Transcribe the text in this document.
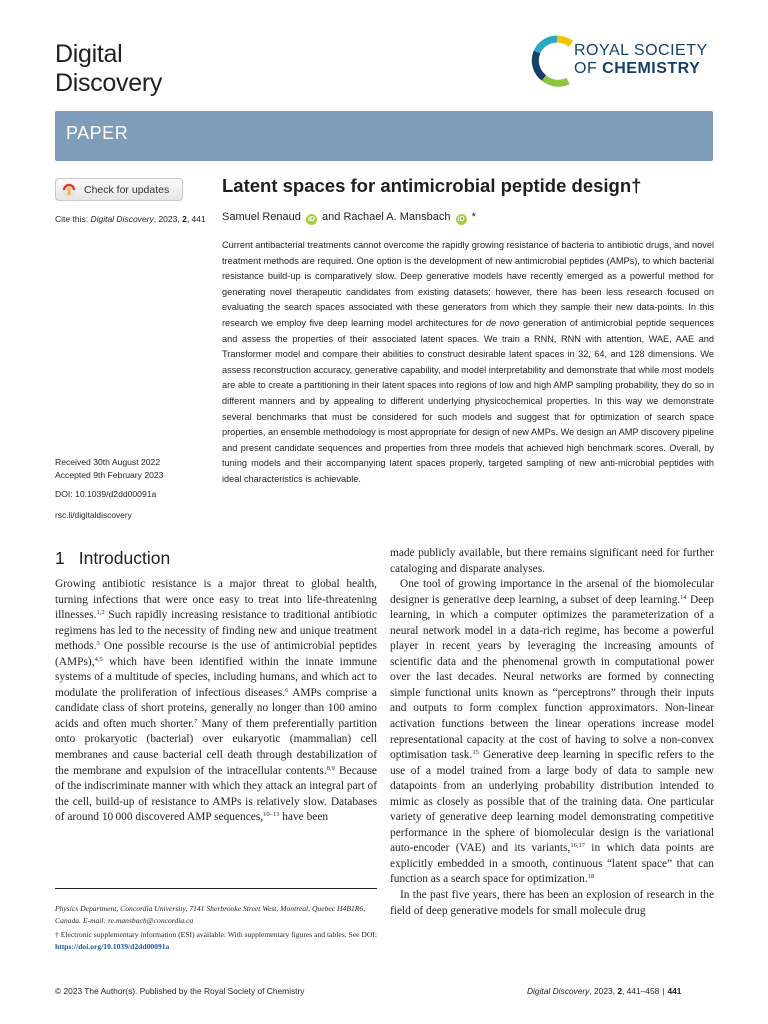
Digital
Discovery
ROYAL SOCIETY
OF CHEMISTRY
PAPER
Check for updates
Cite this: Digital Discovery, 2023, 2, 441
Latent spaces for antimicrobial peptide design†
Samuel Renaud iD and Rachael A. Mansbach iD *
Current antibacterial treatments cannot overcome the rapidly growing resistance of bacteria to antibiotic drugs, and novel treatment methods are required. One option is the development of new antimicrobial peptides (AMPs), to which bacterial resistance build-up is comparatively slow. Deep generative models have recently emerged as a powerful method for generating novel therapeutic candidates from existing datasets; however, there has been less research focused on evaluating the search spaces associated with these generators from which they sample their new data-points. In this research we employ five deep learning model architectures for de novo generation of antimicrobial peptide sequences and assess the properties of their associated latent spaces. We train a RNN, RNN with attention, WAE, AAE and Transformer model and compare their abilities to construct desirable latent spaces in 32, 64, and 128 dimensions. We assess reconstruction accuracy, generative capability, and model interpretability and demonstrate that while most models are able to create a partitioning in their latent spaces into regions of low and high AMP sampling probability, they do so in different manners and by appealing to different underlying physicochemical properties. In this way we demonstrate several benchmarks that must be considered for such models and suggest that for optimization of search space properties, an ensemble methodology is most appropriate for design of new AMPs. We design an AMP discovery pipeline and present candidate sequences and properties from three models that achieved high benchmark scores. Overall, by tuning models and their accompanying latent spaces properly, targeted sampling of new anti-microbial peptides with ideal characteristics is achievable.
Received 30th August 2022
Accepted 9th February 2023
DOI: 10.1039/d2dd00091a
rsc.li/digitaldiscovery
1 Introduction
Growing antibiotic resistance is a major threat to global health, turning infections that were once easy to treat into life-threatening illnesses.$^{1,2}$ Such rapidly increasing resistance to traditional antibiotic regimens has led to the necessity of finding new and unique treatment methods.$^3$ One possible recourse is the use of antimicrobial peptides (AMPs),$^{4,5}$ which have been identified within the innate immune systems of a multitude of species, including humans, and which act to modulate the proliferation of infectious diseases.$^6$ AMPs comprise a candidate class of short proteins, generally no longer than 100 amino acids and often much shorter.$^7$ Many of them preferentially partition onto prokaryotic (bacterial) over eukaryotic (mammalian) cell membranes and cause bacterial cell death through destabilization of the membrane and expulsion of the intracellular contents.$^{8,9}$ Because of the indiscriminate manner with which they attack an integral part of the cell, build-up of resistance to AMPs is relatively slow. Databases of around 10 000 discovered AMP sequences,$^{10-13}$ have been

made publicly available, but there remains significant need for further cataloging and disparate analyses.

One tool of growing importance in the arsenal of the biomolecular designer is generative deep learning, a subset of deep learning.$^{14}$ Deep learning, in which a computer optimizes the parameterization of a neural network model in a data-rich regime, has become a powerful player in recent years by leveraging the increasing amounts of scientific data and the phenomenal growth in computational power over the last decades. Neural networks are formed by connecting simple functional units known as “perceptrons” through their inputs and outputs to form complex function approximators. Non-linear activation functions between the linear operations increase model representational capacity at the cost of having to solve a non-convex optimisation task.$^{15}$ Generative deep learning in specific refers to the use of a model trained from a large body of data to sample new datapoints from an underlying probability distribution intended to mimic as closely as possible that of the training data. One particular variety of generative deep learning model demonstrating competitive performance in the sphere of biomolecular design is the variational auto-encoder (VAE) and its variants,$^{16,17}$ in which data points are explicitly embedded in a smooth, continuous “latent space” that can function as a search space for optimization.$^{18}$

In the past five years, there has been an explosion of research in the field of deep generative models for small molecule drug

Physics Department, Concordia University, 7141 Sherbrooke Street West, Montreal, Quebec H4B1R6, Canada. E-mail: re.mansbach@concordia.ca
† Electronic supplementary information (ESI) available: With supplementary figures and tables. See DOI: https://doi.org/10.1039/d2dd00091a
© 2023 The Author(s). Published by the Royal Society of Chemistry	Digital Discovery, 2023, 2, 441–458 | 441
